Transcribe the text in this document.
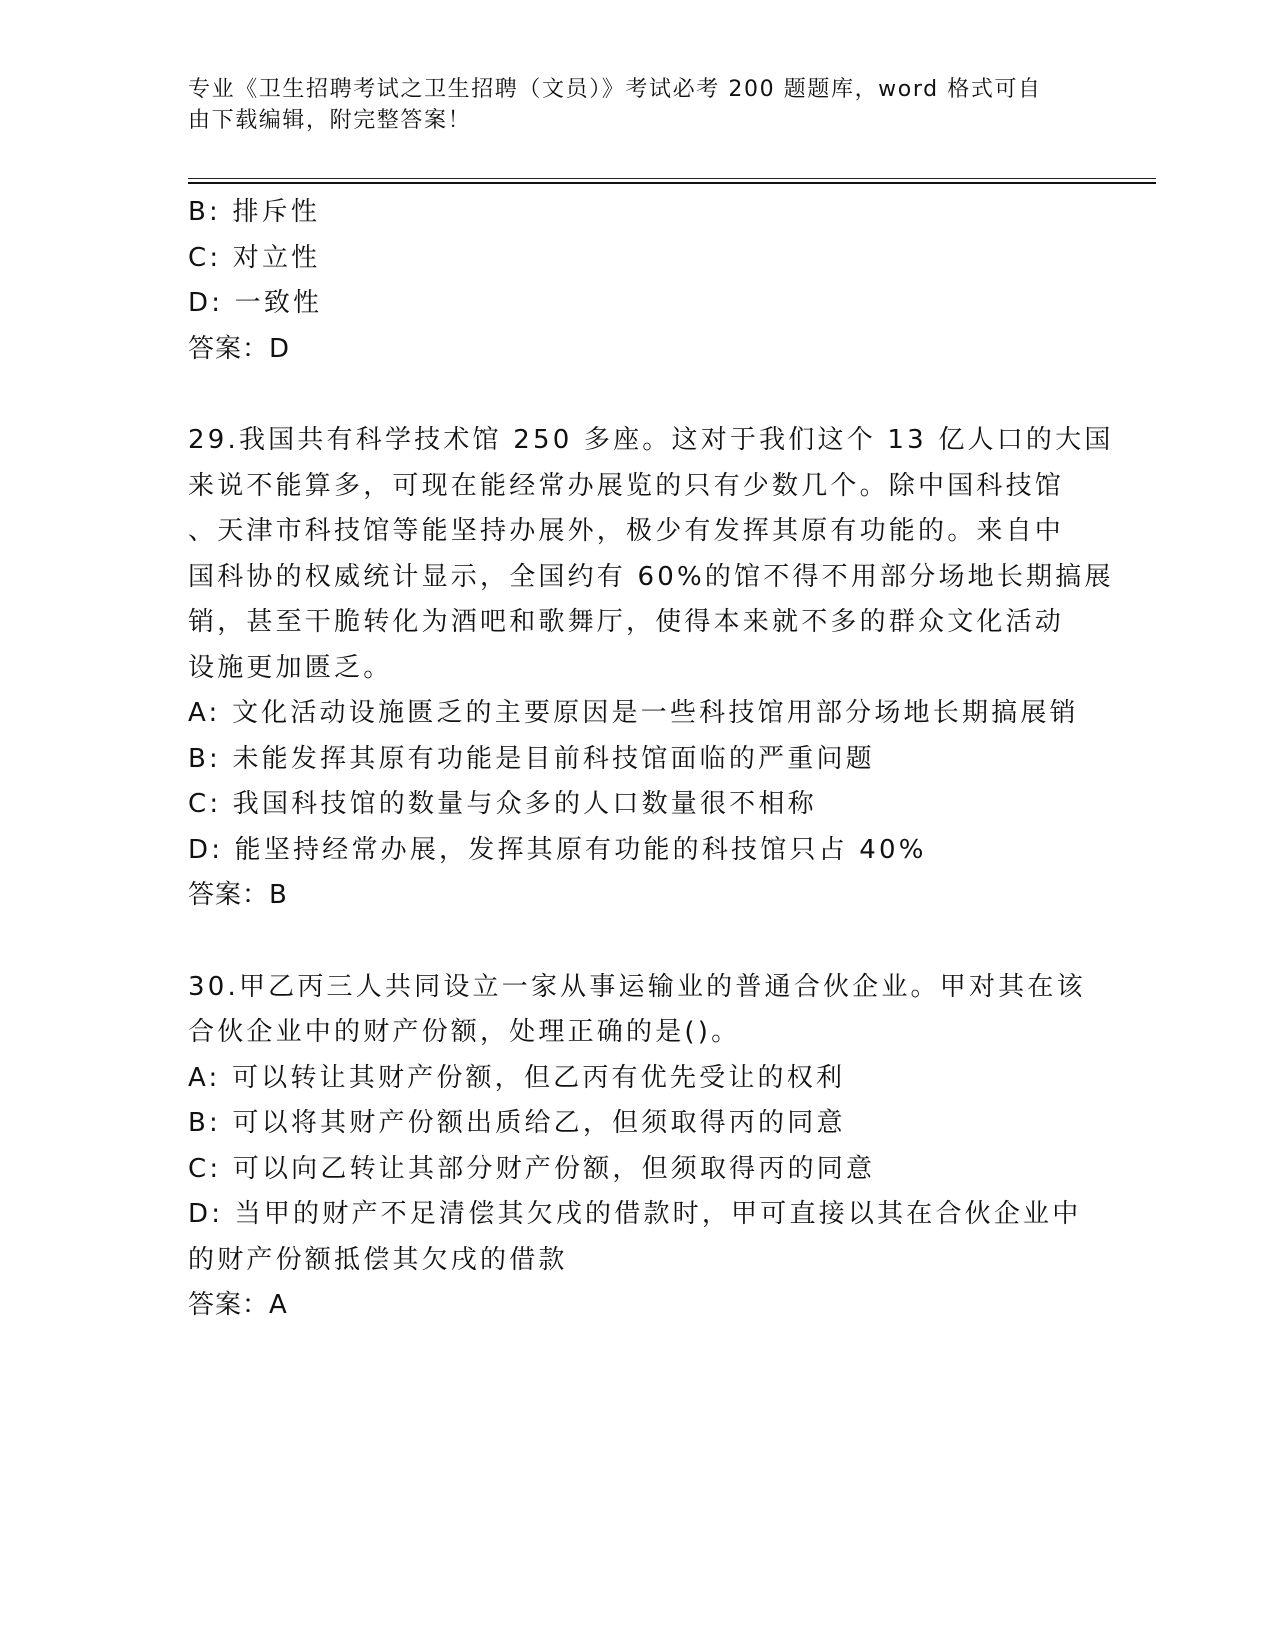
专业《卫生招聘考试之卫生招聘（文员）》考试必考 200 题题库，word 格式可自
由下载编辑，附完整答案！
B: 排斥性
C: 对立性
D: 一致性
答案：D
29.我国共有科学技术馆 250 多座。这对于我们这个 13 亿人口的大国
来说不能算多，可现在能经常办展览的只有少数几个。除中国科技馆
、天津市科技馆等能坚持办展外，极少有发挥其原有功能的。来自中
国科协的权威统计显示，全国约有 60%的馆不得不用部分场地长期搞展
销，甚至干脆转化为酒吧和歌舞厅，使得本来就不多的群众文化活动
设施更加匮乏。
A: 文化活动设施匮乏的主要原因是一些科技馆用部分场地长期搞展销
B: 未能发挥其原有功能是目前科技馆面临的严重问题
C: 我国科技馆的数量与众多的人口数量很不相称
D: 能坚持经常办展，发挥其原有功能的科技馆只占 40%
答案：B
30.甲乙丙三人共同设立一家从事运输业的普通合伙企业。甲对其在该
合伙企业中的财产份额，处理正确的是()。
A: 可以转让其财产份额，但乙丙有优先受让的权利
B: 可以将其财产份额出质给乙，但须取得丙的同意
C: 可以向乙转让其部分财产份额，但须取得丙的同意
D: 当甲的财产不足清偿其欠戌的借款时，甲可直接以其在合伙企业中
的财产份额抵偿其欠戌的借款
答案：A
